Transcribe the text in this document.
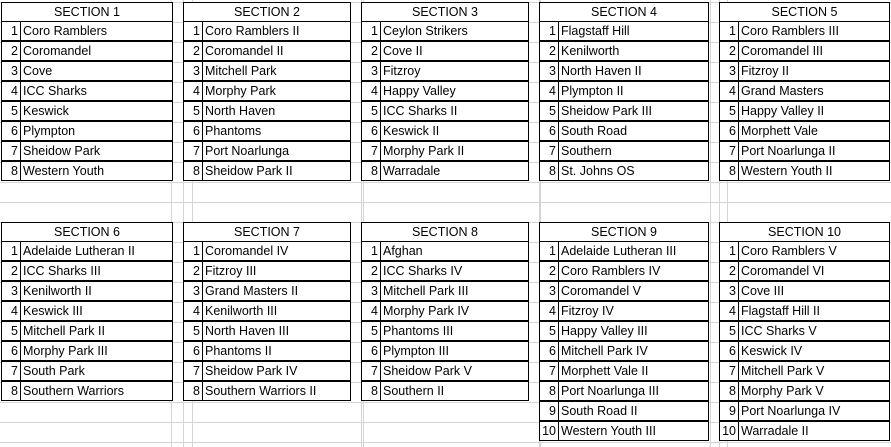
SECTION 1
1 Coro Ramblers
2 Coromandel
3 Cove
4 ICC Sharks
5 Keswick
6 Plympton
7 Sheidow Park
8 Western Youth
SECTION 2
1 Coro Ramblers II
2 Coromandel II
3 Mitchell Park
4 Morphy Park
5 North Haven
6 Phantoms
7 Port Noarlunga
8 Sheidow Park II
SECTION 3
1 Ceylon Strikers
2 Cove II
3 Fitzroy
4 Happy Valley
5 ICC Sharks II
6 Keswick II
7 Morphy Park II
8 Warradale
SECTION 4
1 Flagstaff Hill
2 Kenilworth
3 North Haven II
4 Plympton II
5 Sheidow Park III
6 South Road
7 Southern
8 St. Johns OS
SECTION 5
1 Coro Ramblers III
2 Coromandel III
3 Fitzroy II
4 Grand Masters
5 Happy Valley II
6 Morphett Vale
7 Port Noarlunga II
8 Western Youth II
SECTION 6
1 Adelaide Lutheran II
2 ICC Sharks III
3 Kenilworth II
4 Keswick III
5 Mitchell Park II
6 Morphy Park III
7 South Park
8 Southern Warriors
SECTION 7
1 Coromandel IV
2 Fitzroy III
3 Grand Masters II
4 Kenilworth III
5 North Haven III
6 Phantoms II
7 Sheidow Park IV
8 Southern Warriors II
SECTION 8
1 Afghan
2 ICC Sharks IV
3 Mitchell Park III
4 Morphy Park IV
5 Phantoms III
6 Plympton III
7 Sheidow Park V
8 Southern II
SECTION 9
1 Adelaide Lutheran III
2 Coro Ramblers IV
3 Coromandel V
4 Fitzroy IV
5 Happy Valley III
6 Mitchell Park IV
7 Morphett Vale II
8 Port Noarlunga III
9 South Road II
10 Western Youth III
SECTION 10
1 Coro Ramblers V
2 Coromandel VI
3 Cove III
4 Flagstaff Hill II
5 ICC Sharks V
6 Keswick IV
7 Mitchell Park V
8 Morphy Park V
9 Port Noarlunga IV
10 Warradale II
